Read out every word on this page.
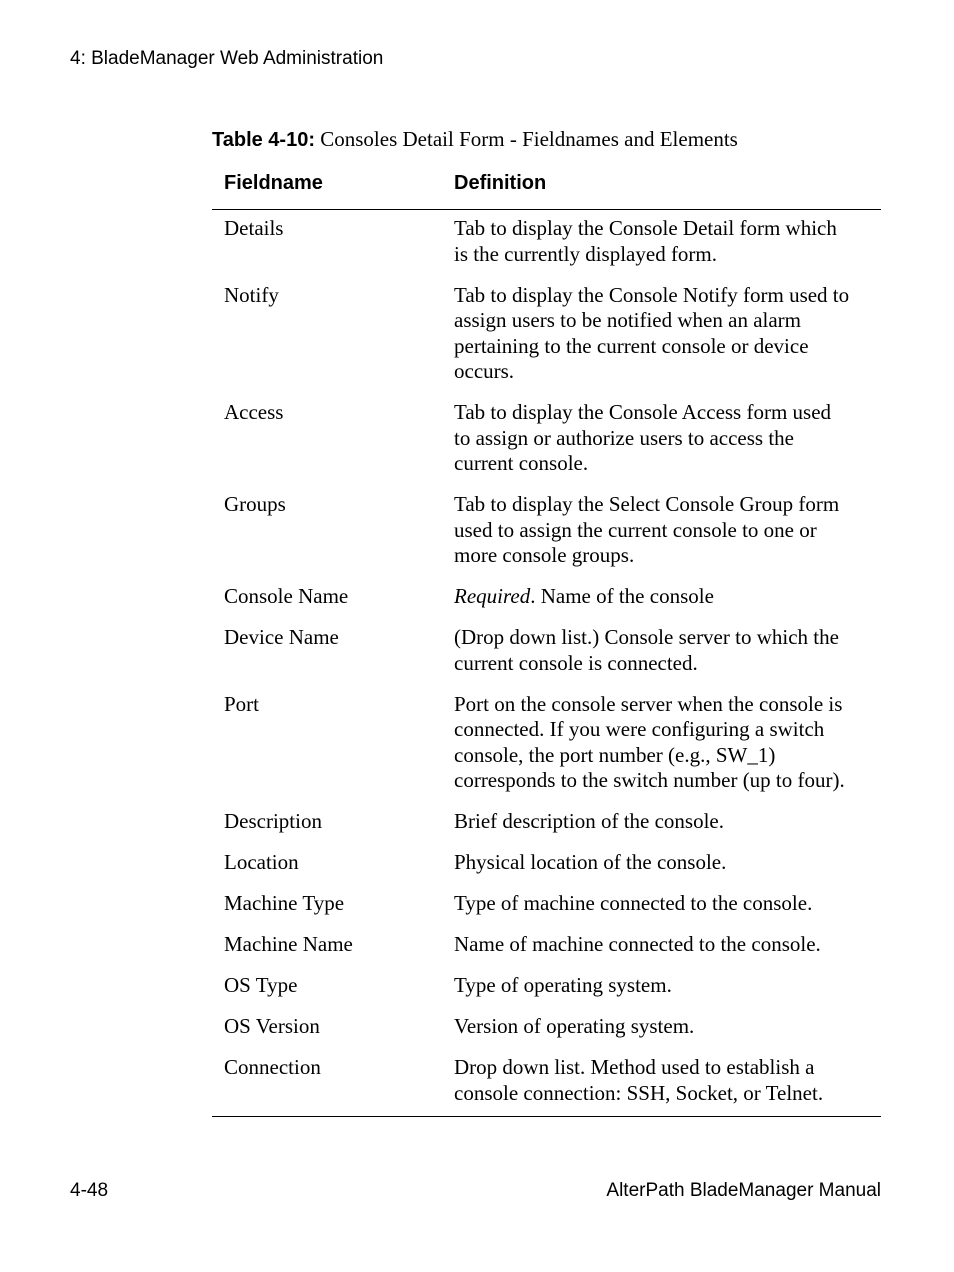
4: BladeManager Web Administration
Table 4-10: Consoles Detail Form - Fieldnames and Elements
Fieldname	Definition
Details	Tab to display the Console Detail form which
is the currently displayed form.
Notify	Tab to display the Console Notify form used to
assign users to be notified when an alarm
pertaining to the current console or device
occurs.
Access	Tab to display the Console Access form used
to assign or authorize users to access the
current console.
Groups	Tab to display the Select Console Group form
used to assign the current console to one or
more console groups.
Console Name	Required. Name of the console
Device Name	(Drop down list.) Console server to which the
current console is connected.
Port	Port on the console server when the console is
connected. If you were configuring a switch
console, the port number (e.g., SW_1)
corresponds to the switch number (up to four).
Description	Brief description of the console.
Location	Physical location of the console.
Machine Type	Type of machine connected to the console.
Machine Name	Name of machine connected to the console.
OS Type	Type of operating system.
OS Version	Version of operating system.
Connection	Drop down list. Method used to establish a
console connection: SSH, Socket, or Telnet.
4-48	AlterPath BladeManager Manual
